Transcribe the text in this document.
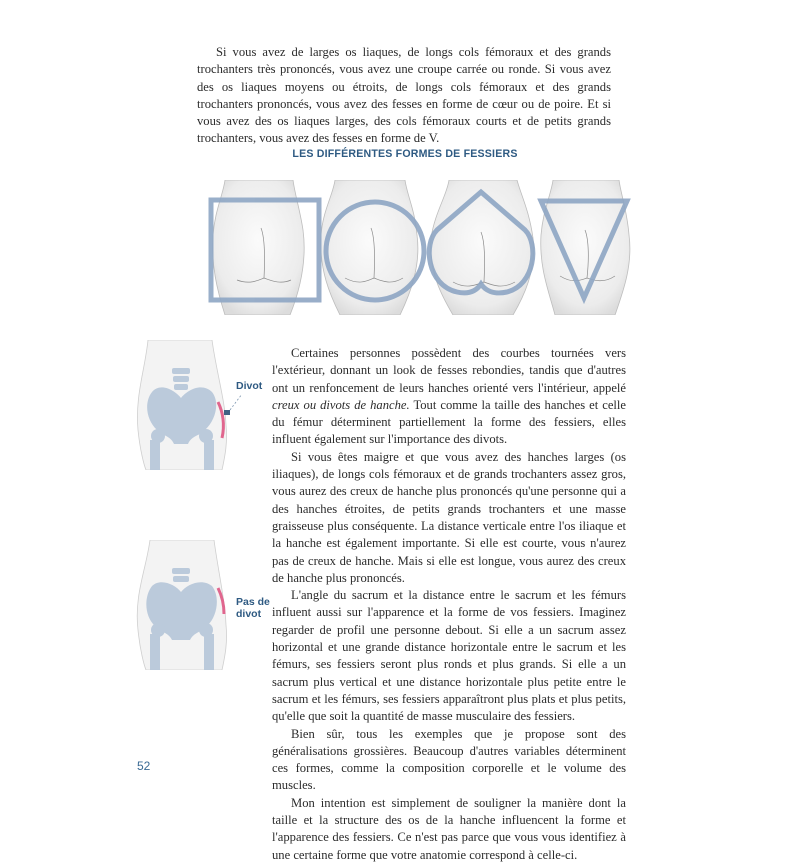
Si vous avez de larges os liaques, de longs cols fémoraux et des grands trochanters très prononcés, vous avez une croupe carrée ou ronde. Si vous avez des os liaques moyens ou étroits, de longs cols fémoraux et des grands trochanters prononcés, vous avez des fesses en forme de cœur ou de poire. Et si vous avez des os liaques larges, des cols fémoraux courts et de petits grands trochanters, vous avez des fesses en forme de V.

LES DIFFÉRENTES FORMES DE FESSIERS
Divot
Pas de
divot

Certaines personnes possèdent des courbes tournées vers l'extérieur, donnant un look de fesses rebondies, tandis que d'autres ont un renfoncement de leurs hanches orienté vers l'intérieur, appelé creux ou divots de hanche. Tout comme la taille des hanches et celle du fémur déterminent partiellement la forme des fessiers, elles influent également sur l'importance des divots.

Si vous êtes maigre et que vous avez des hanches larges (os iliaques), de longs cols fémoraux et de grands trochanters assez gros, vous aurez des creux de hanche plus prononcés qu'une personne qui a des hanches étroites, de petits grands trochanters et une masse graisseuse plus conséquente. La distance verticale entre l'os iliaque et la hanche est également importante. Si elle est courte, vous n'aurez pas de creux de hanche. Mais si elle est longue, vous aurez des creux de hanche plus prononcés.

L'angle du sacrum et la distance entre le sacrum et les fémurs influent aussi sur l'apparence et la forme de vos fessiers. Imaginez regarder de profil une personne debout. Si elle a un sacrum assez horizontal et une grande distance horizontale entre le sacrum et les fémurs, ses fessiers seront plus ronds et plus grands. Si elle a un sacrum plus vertical et une distance horizontale plus petite entre le sacrum et les fémurs, ses fessiers apparaîtront plus plats et plus petits, qu'elle que soit la quantité de masse musculaire des fessiers.

Bien sûr, tous les exemples que je propose sont des généralisations grossières. Beaucoup d'autres variables déterminent ces formes, comme la composition corporelle et le volume des muscles.

Mon intention est simplement de souligner la manière dont la taille et la structure des os de la hanche influencent la forme et l'apparence des fessiers. Ce n'est pas parce que vous vous identifiez à une certaine forme que votre anatomie correspond à celle-ci.

52
